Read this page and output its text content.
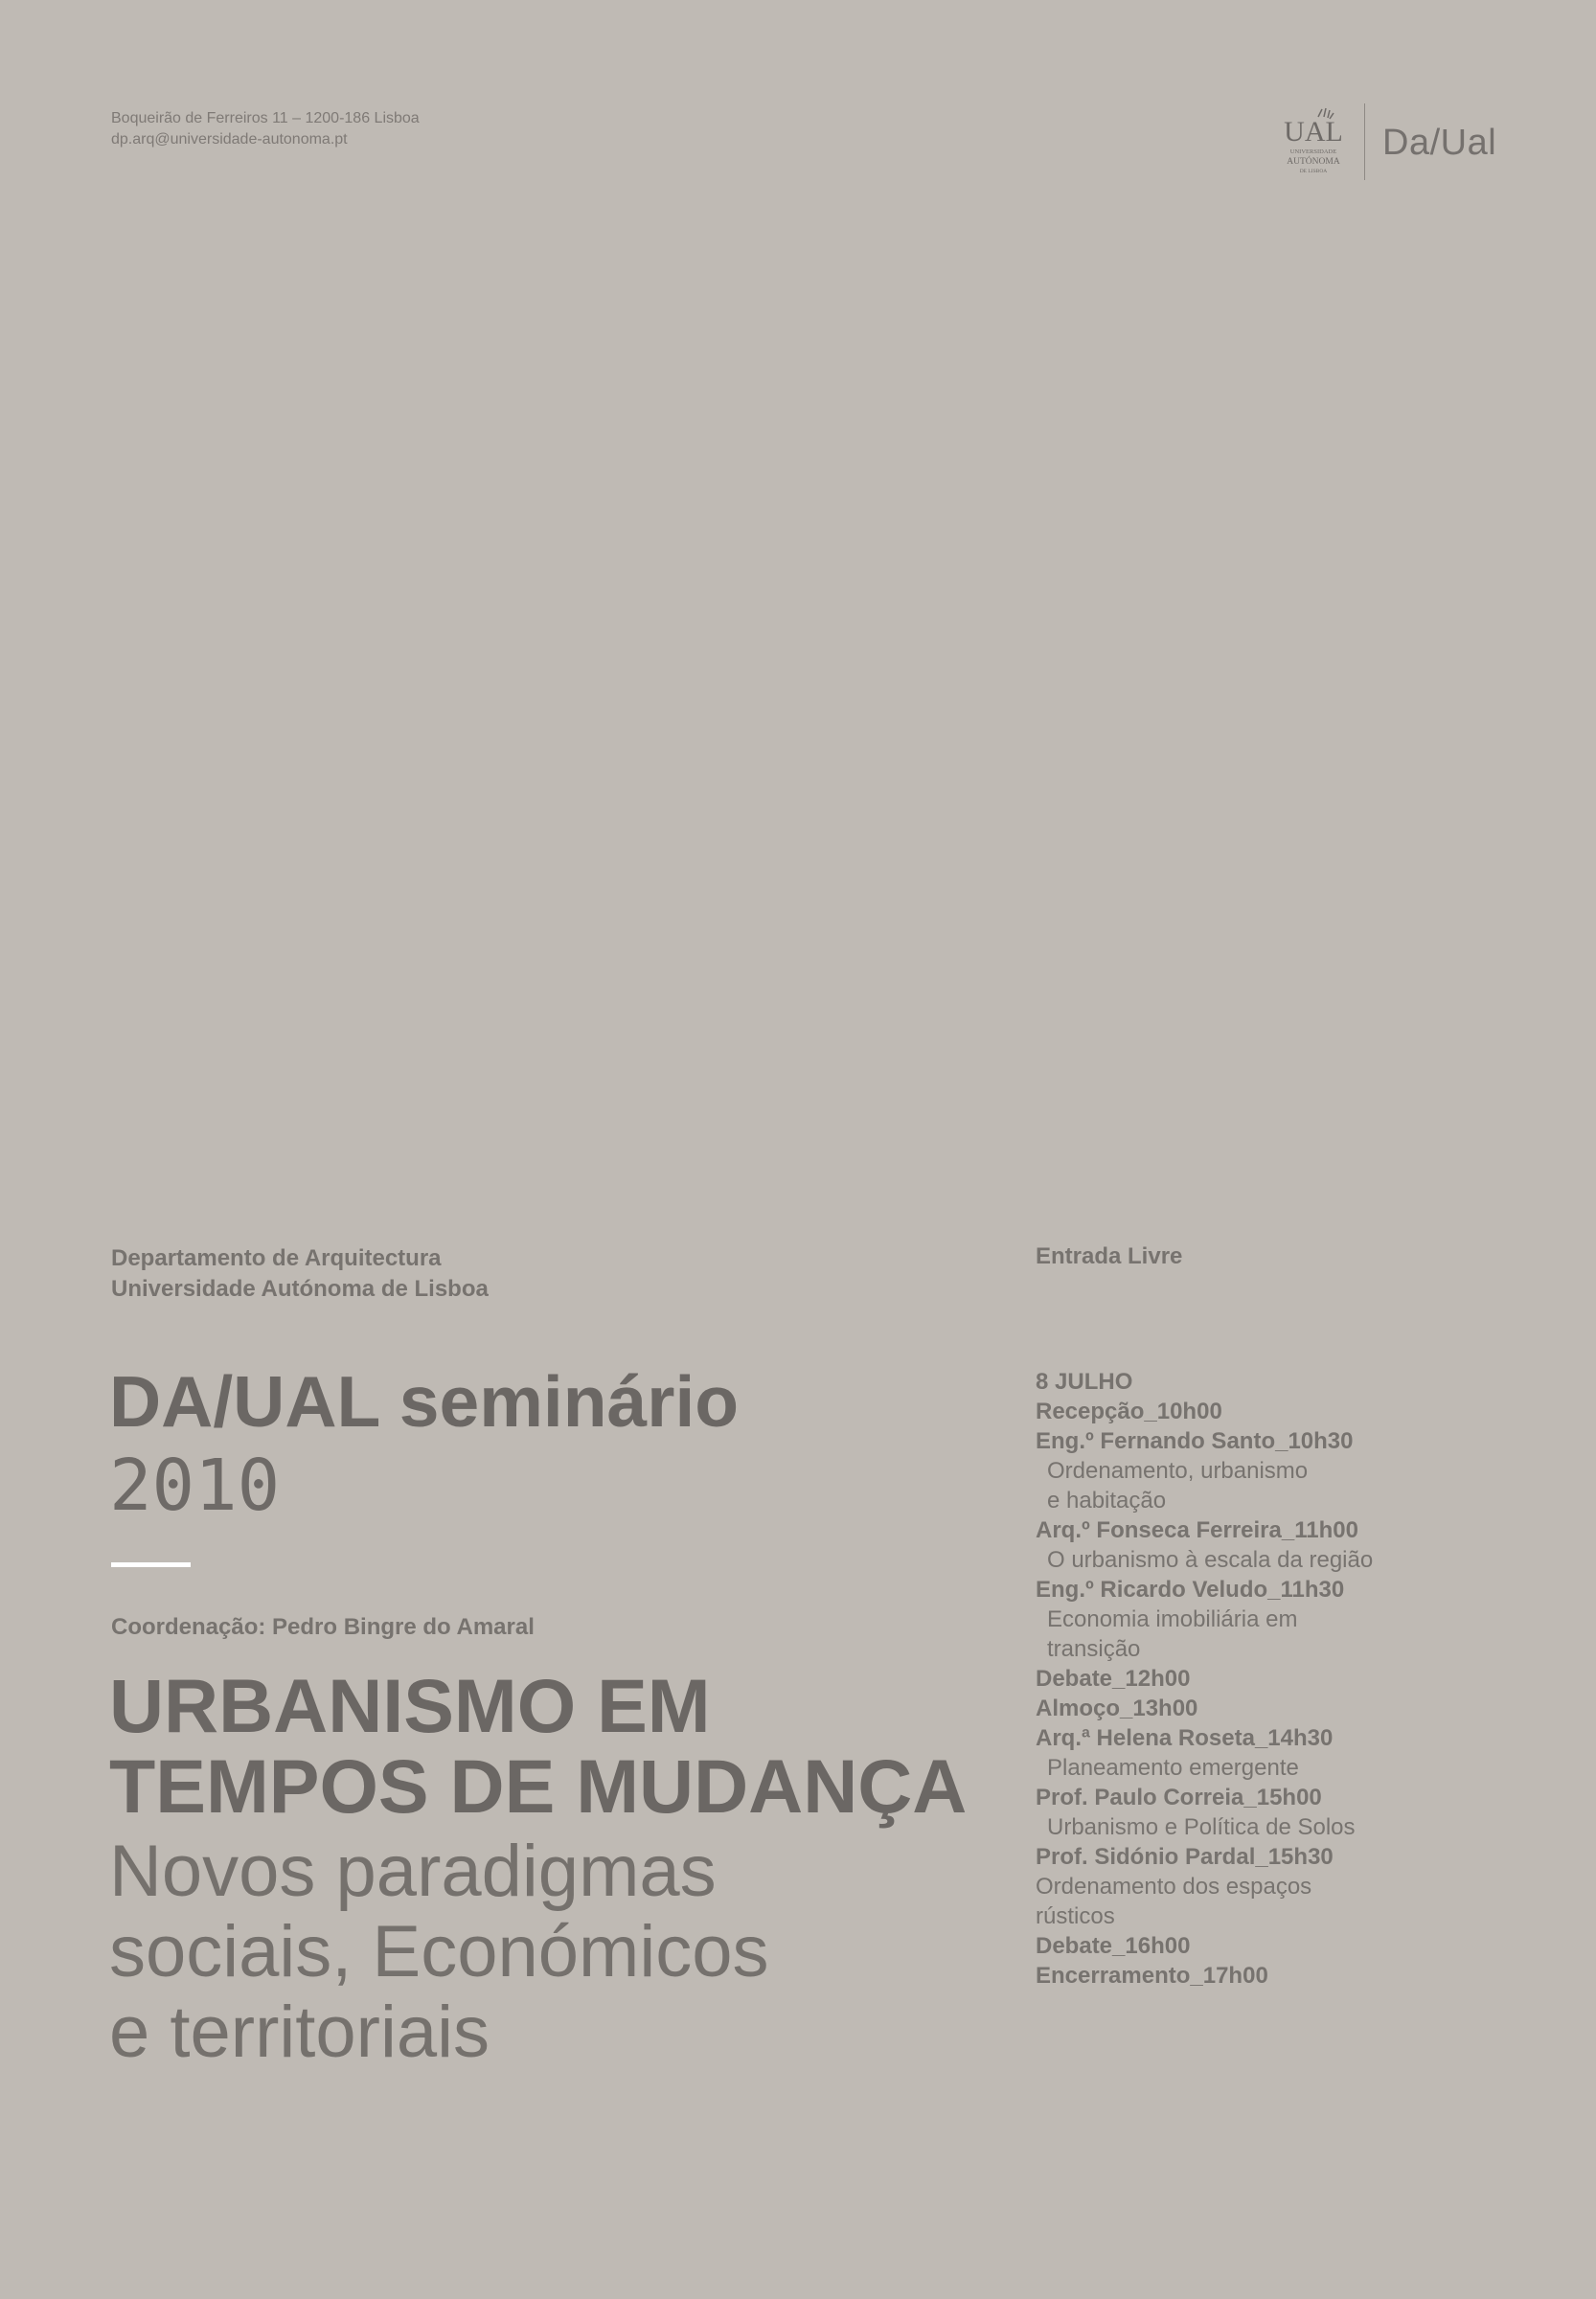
Boqueirão de Ferreiros 11 – 1200-186 Lisboa
dp.arq@universidade-autonoma.pt	UAL
UNIVERSIDADE
AUTÓNOMA
DE LISBOA
Da/Ual
Departamento de Arquitectura
Universidade Autónoma de Lisboa
Entrada Livre
DA/UAL seminário
2010
Coordenação: Pedro Bingre do Amaral
URBANISMO EM
TEMPOS DE MUDANÇA
Novos paradigmas
sociais, Económicos
e territoriais
8 JULHO
Recepção_10h00
Eng.º Fernando Santo_10h30
Ordenamento, urbanismo
e habitação
Arq.º Fonseca Ferreira_11h00
O urbanismo à escala da região
Eng.º Ricardo Veludo_11h30
Economia imobiliária em
transição
Debate_12h00
Almoço_13h00
Arq.ª Helena Roseta_14h30
Planeamento emergente
Prof. Paulo Correia_15h00
Urbanismo e Política de Solos
Prof. Sidónio Pardal_15h30
Ordenamento dos espaços
rústicos
Debate_16h00
Encerramento_17h00
